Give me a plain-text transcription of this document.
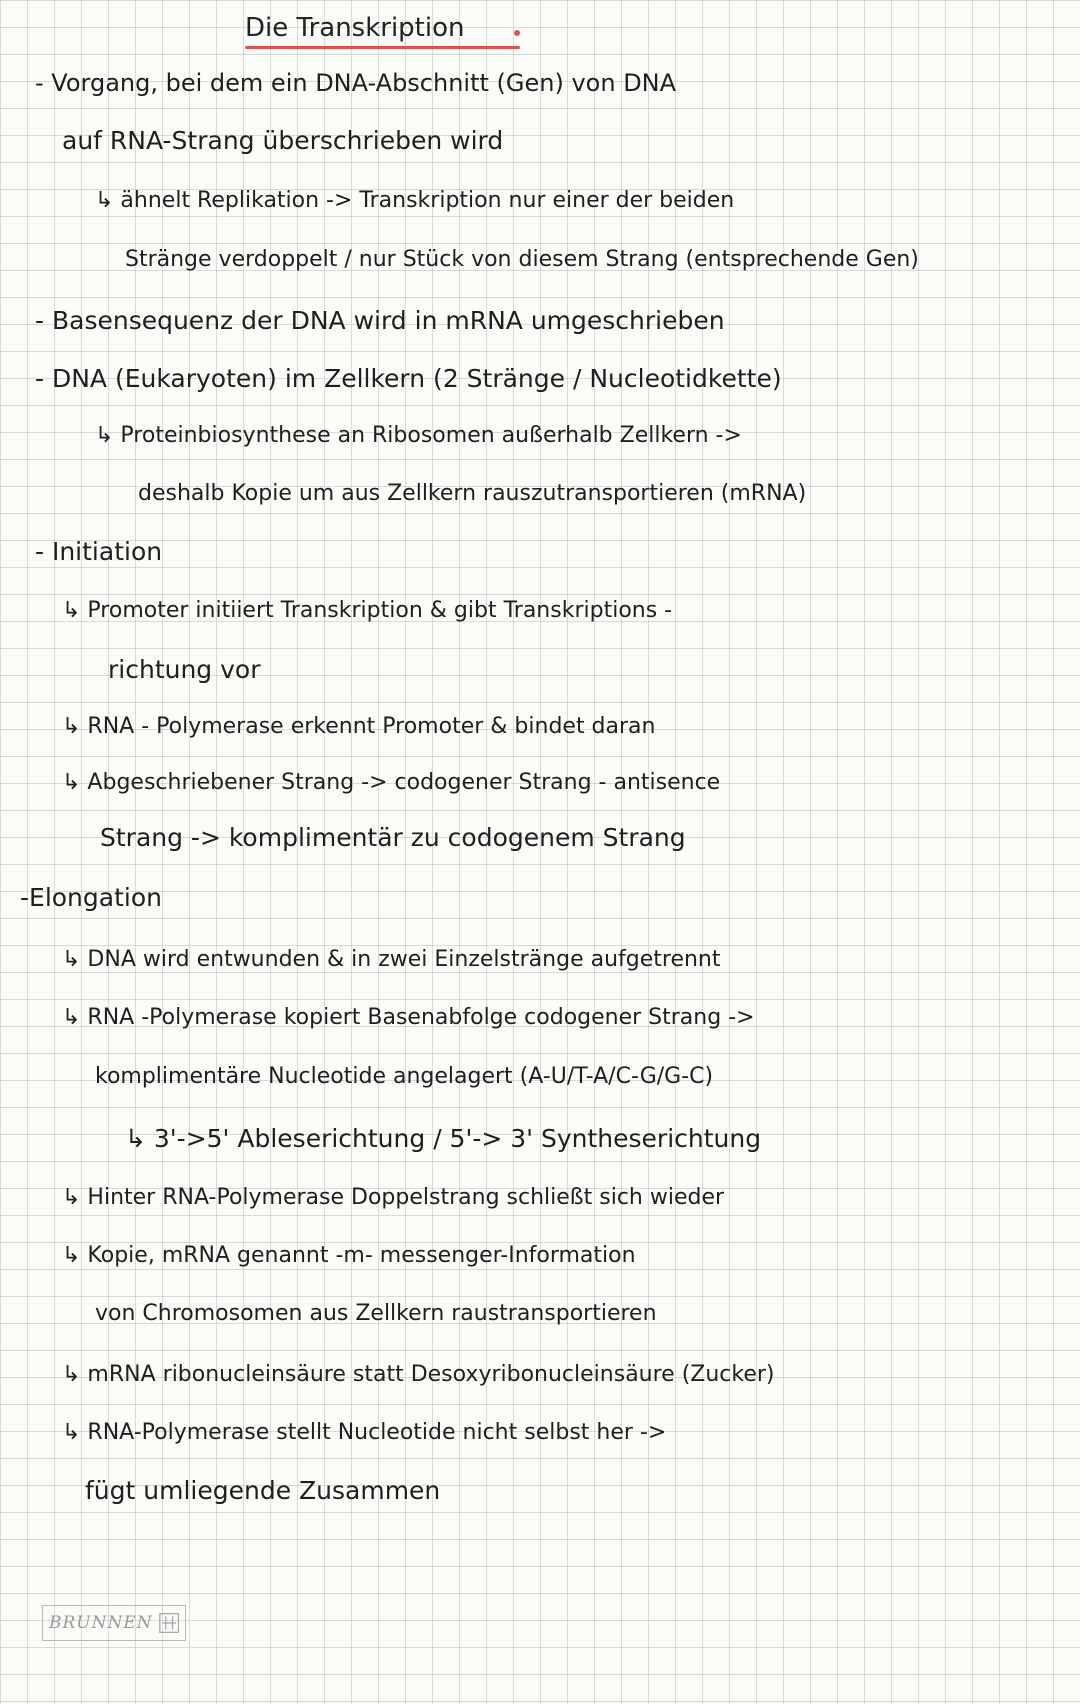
Die Transkription
- Vorgang, bei dem ein DNA-Abschnitt (Gen) von DNA
auf RNA-Strang überschrieben wird
↳ ähnelt Replikation -> Transkription nur einer der beiden
Stränge verdoppelt / nur Stück von diesem Strang (entsprechende Gen)
- Basensequenz der DNA wird in mRNA umgeschrieben
- DNA (Eukaryoten) im Zellkern (2 Stränge / Nucleotidkette)
↳ Proteinbiosynthese an Ribosomen außerhalb Zellkern ->
deshalb Kopie um aus Zellkern rauszutransportieren (mRNA)
- Initiation
↳ Promoter initiiert Transkription & gibt Transkriptions -
richtung vor
↳ RNA - Polymerase erkennt Promoter & bindet daran
↳ Abgeschriebener Strang -> codogener Strang - antisence
Strang -> komplimentär zu codogenem Strang
-Elongation
↳ DNA wird entwunden & in zwei Einzelstränge aufgetrennt
↳ RNA -Polymerase kopiert Basenabfolge codogener Strang ->
komplimentäre Nucleotide angelagert (A-U/T-A/C-G/G-C)
↳ 3'->5' Ableserichtung / 5'-> 3' Syntheserichtung
↳ Hinter RNA-Polymerase Doppelstrang schließt sich wieder
↳ Kopie, mRNA genannt -m- messenger-Information
von Chromosomen aus Zellkern raustransportieren
↳ mRNA ribonucleinsäure statt Desoxyribonucleinsäure (Zucker)
↳ RNA-Polymerase stellt Nucleotide nicht selbst her ->
fügt umliegende Zusammen
BRUNNEN
